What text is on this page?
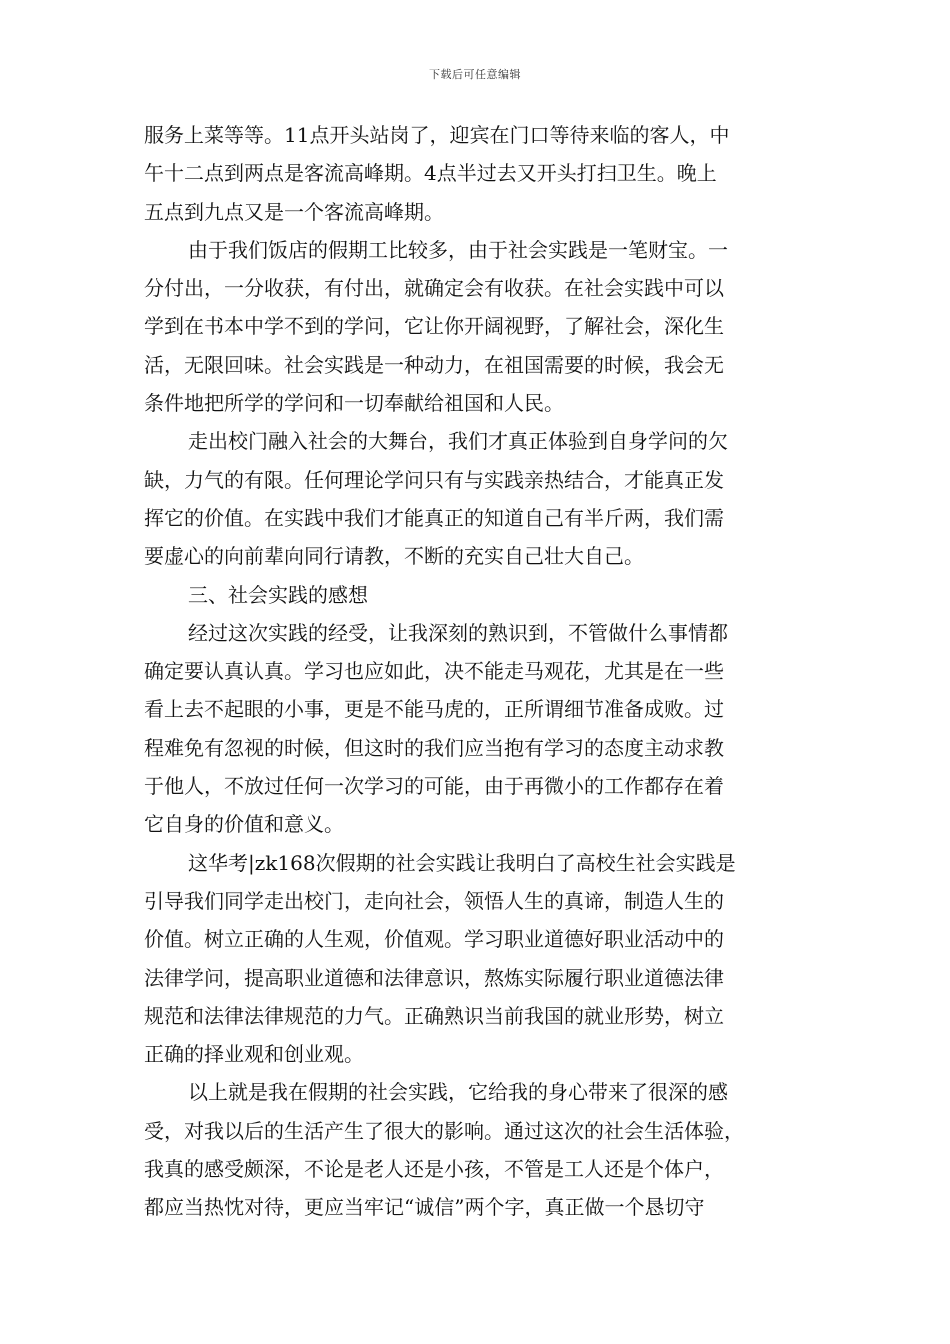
下载后可任意编辑
服务上菜等等。11点开头站岗了，迎宾在门口等待来临的客人，中
午十二点到两点是客流高峰期。4点半过去又开头打扫卫生。晚上
五点到九点又是一个客流高峰期。
由于我们饭店的假期工比较多，由于社会实践是一笔财宝。一
分付出，一分收获，有付出，就确定会有收获。在社会实践中可以
学到在书本中学不到的学问，它让你开阔视野，了解社会，深化生
活，无限回味。社会实践是一种动力，在祖国需要的时候，我会无
条件地把所学的学问和一切奉献给祖国和人民。
走出校门融入社会的大舞台，我们才真正体验到自身学问的欠
缺，力气的有限。任何理论学问只有与实践亲热结合，才能真正发
挥它的价值。在实践中我们才能真正的知道自己有半斤两，我们需
要虚心的向前辈向同行请教，不断的充实自己壮大自己。
三、社会实践的感想
经过这次实践的经受，让我深刻的熟识到，不管做什么事情都
确定要认真认真。学习也应如此，决不能走马观花，尤其是在一些
看上去不起眼的小事，更是不能马虎的，正所谓细节准备成败。过
程难免有忽视的时候，但这时的我们应当抱有学习的态度主动求教
于他人，不放过任何一次学习的可能，由于再微小的工作都存在着
它自身的价值和意义。
这华考|zk168次假期的社会实践让我明白了高校生社会实践是
引导我们同学走出校门，走向社会，领悟人生的真谛，制造人生的
价值。树立正确的人生观，价值观。学习职业道德好职业活动中的
法律学问，提高职业道德和法律意识，熬炼实际履行职业道德法律
规范和法律法律规范的力气。正确熟识当前我国的就业形势，树立
正确的择业观和创业观。
以上就是我在假期的社会实践，它给我的身心带来了很深的感
受，对我以后的生活产生了很大的影响。通过这次的社会生活体验，
我真的感受颇深，不论是老人还是小孩，不管是工人还是个体户，
都应当热忱对待，更应当牢记“诚信”两个字，真正做一个恳切守
